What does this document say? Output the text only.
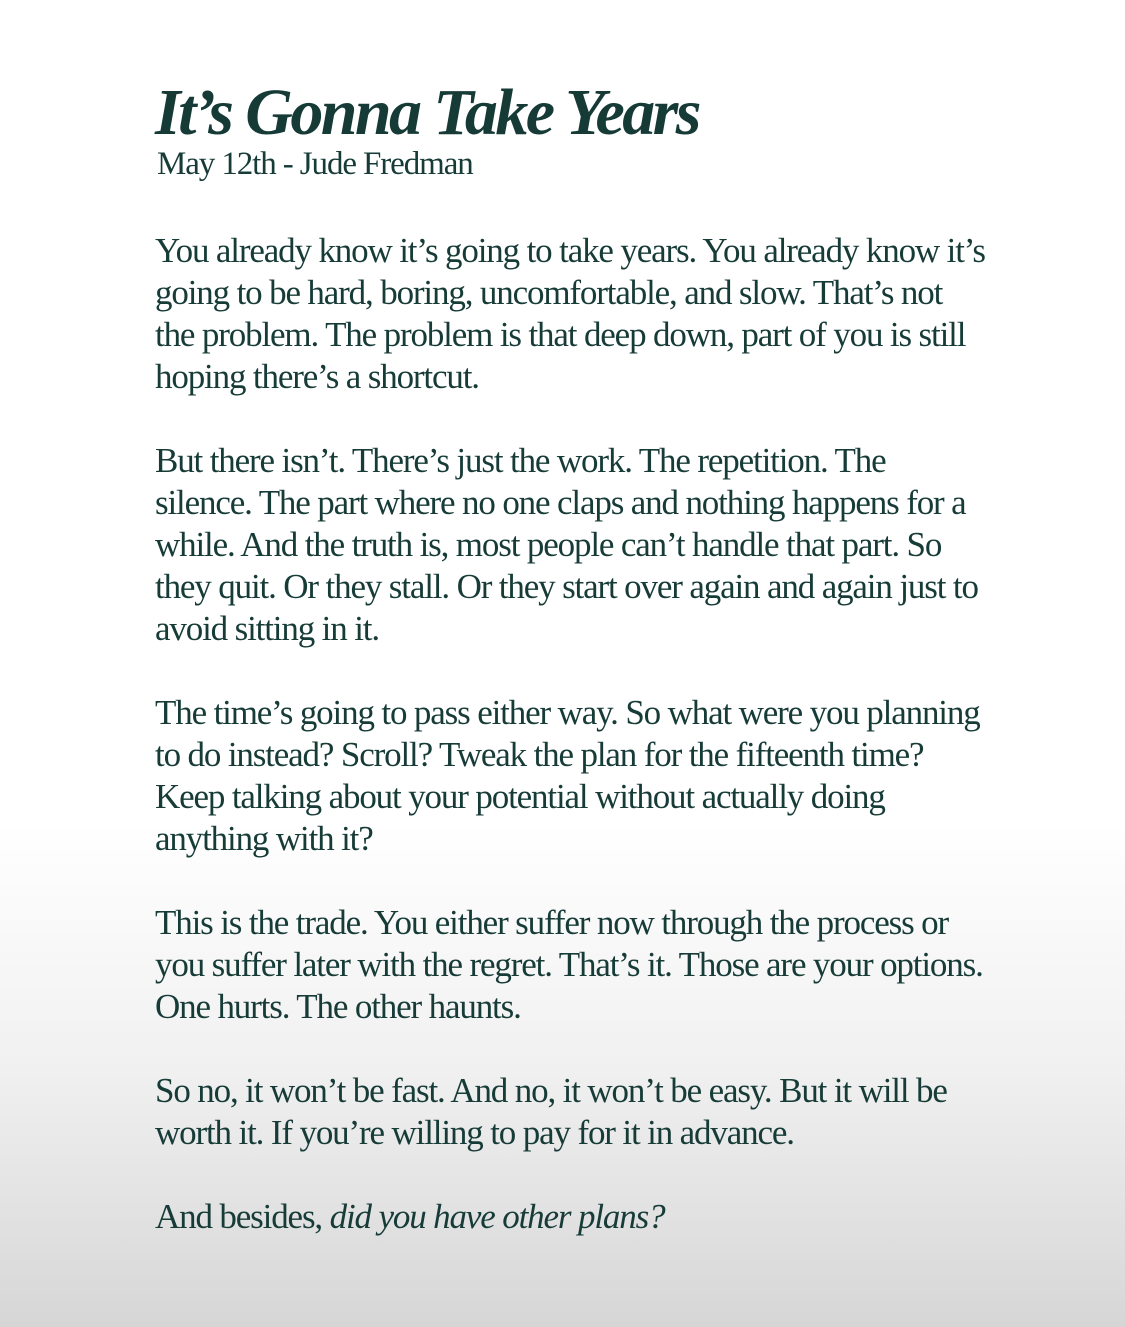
It’s Gonna Take Years
May 12th - Jude Fredman

You already know it’s going to take years. You already know it’s going to be hard, boring, uncomfortable, and slow. That’s not the problem. The problem is that deep down, part of you is still hoping there’s a shortcut.

But there isn’t. There’s just the work. The repetition. The silence. The part where no one claps and nothing happens for a while. And the truth is, most people can’t handle that part. So they quit. Or they stall. Or they start over again and again just to avoid sitting in it.

The time’s going to pass either way. So what were you planning to do instead? Scroll? Tweak the plan for the fifteenth time? Keep talking about your potential without actually doing anything with it?

This is the trade. You either suffer now through the process or you suffer later with the regret. That’s it. Those are your options. One hurts. The other haunts.

So no, it won’t be fast. And no, it won’t be easy. But it will be worth it. If you’re willing to pay for it in advance.

And besides, did you have other plans?
